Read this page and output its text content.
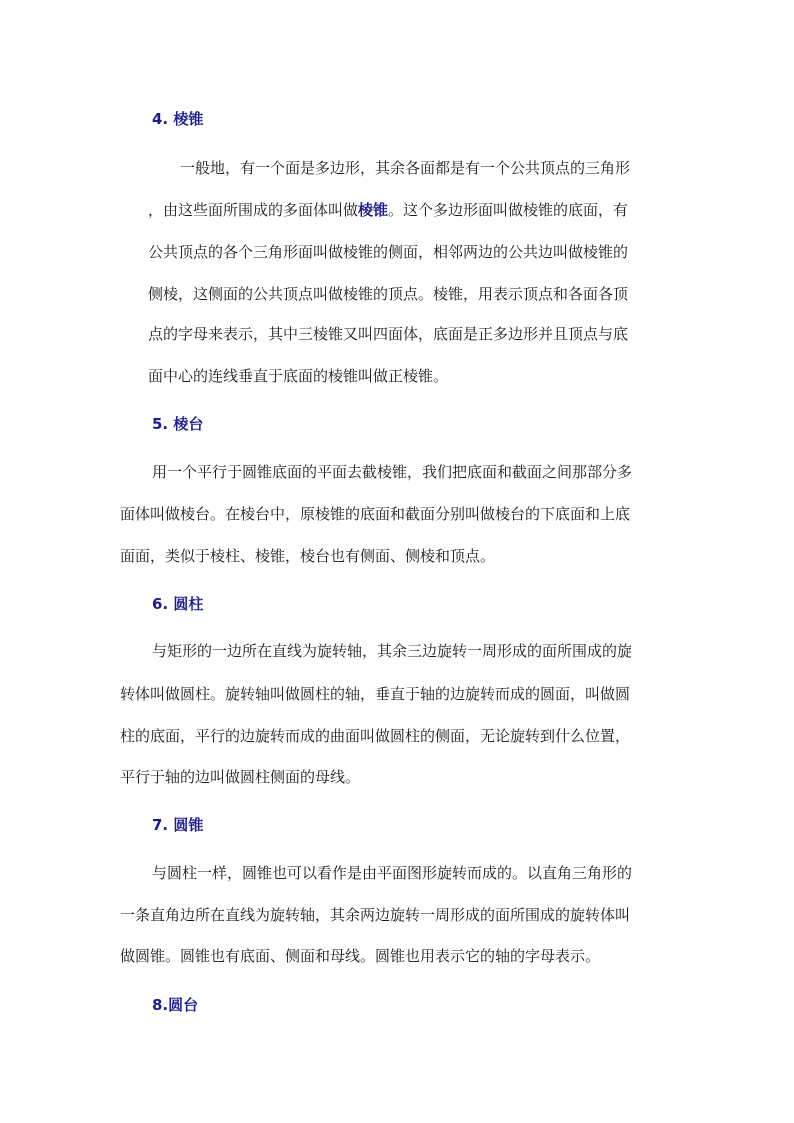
4. 棱锥
一般地，有一个面是多边形，其余各面都是有一个公共顶点的三角形
，由这些面所围成的多面体叫做棱锥。这个多边形面叫做棱锥的底面，有
公共顶点的各个三角形面叫做棱锥的侧面，相邻两边的公共边叫做棱锥的
侧棱，这侧面的公共顶点叫做棱锥的顶点。棱锥，用表示顶点和各面各顶
点的字母来表示，其中三棱锥又叫四面体，底面是正多边形并且顶点与底
面中心的连线垂直于底面的棱锥叫做正棱锥。
5. 棱台
用一个平行于圆锥底面的平面去截棱锥，我们把底面和截面之间那部分多
面体叫做棱台。在棱台中，原棱锥的底面和截面分别叫做棱台的下底面和上底
面面，类似于棱柱、棱锥，棱台也有侧面、侧棱和顶点。
6. 圆柱
与矩形的一边所在直线为旋转轴，其余三边旋转一周形成的面所围成的旋
转体叫做圆柱。旋转轴叫做圆柱的轴，垂直于轴的边旋转而成的圆面，叫做圆
柱的底面，平行的边旋转而成的曲面叫做圆柱的侧面，无论旋转到什么位置，
平行于轴的边叫做圆柱侧面的母线。
7. 圆锥
与圆柱一样，圆锥也可以看作是由平面图形旋转而成的。以直角三角形的
一条直角边所在直线为旋转轴，其余两边旋转一周形成的面所围成的旋转体叫
做圆锥。圆锥也有底面、侧面和母线。圆锥也用表示它的轴的字母表示。
8.圆台
